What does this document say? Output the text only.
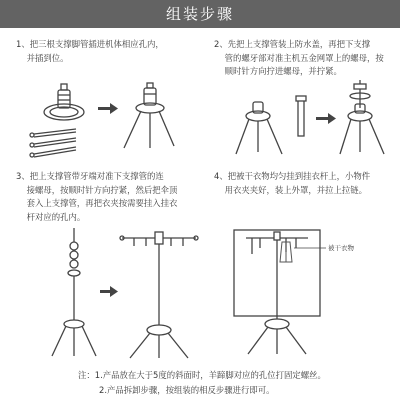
组装步骤
1、把三根支撑脚管插进机体相应孔内，
并插到位。
2、先把上支撑管装上防水盖，再把下支撑
管的螺牙部对准主机五金网罩上的螺母，按
顺时针方向拧进螺母，并拧紧。
3、把上支撑管带牙端对准下支撑管的连
接螺母，按顺时针方向拧紧，然后把伞顶
套入上支撑管，再把衣夹按需要挂入挂衣
杆对应的孔内。
4、把被干衣物均匀挂到挂衣杆上，小物件
用衣夹夹好，装上外罩，并拉上拉链。
被干衣物
注：1.产品放在大于5度的斜面时，羊蹄脚对应的孔位打固定螺丝。
2.产品拆卸步骤，按组装的相反步骤进行即可。
